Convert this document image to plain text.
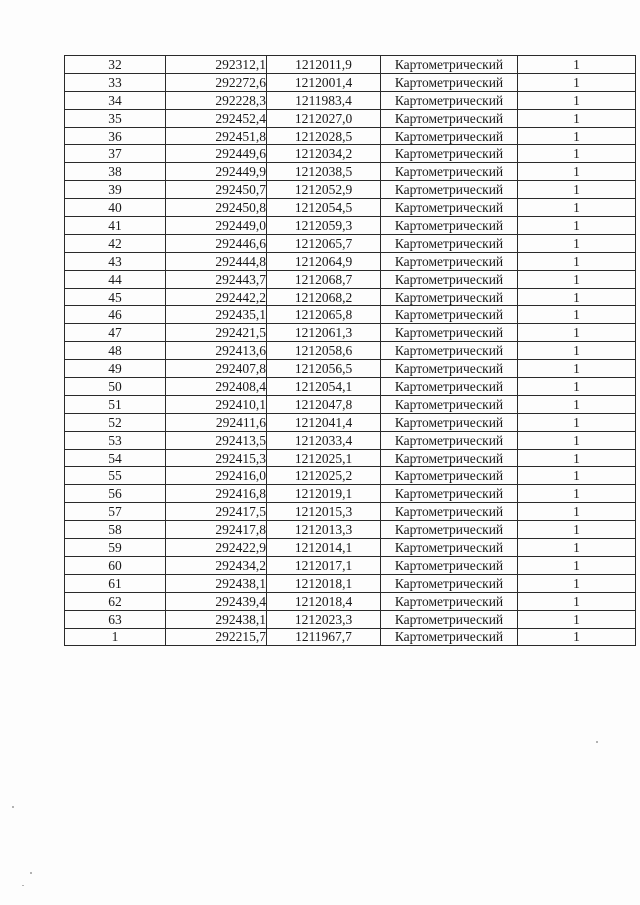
32	292312,1	1212011,9	Картометрический	1
33	292272,6	1212001,4	Картометрический	1
34	292228,3	1211983,4	Картометрический	1
35	292452,4	1212027,0	Картометрический	1
36	292451,8	1212028,5	Картометрический	1
37	292449,6	1212034,2	Картометрический	1
38	292449,9	1212038,5	Картометрический	1
39	292450,7	1212052,9	Картометрический	1
40	292450,8	1212054,5	Картометрический	1
41	292449,0	1212059,3	Картометрический	1
42	292446,6	1212065,7	Картометрический	1
43	292444,8	1212064,9	Картометрический	1
44	292443,7	1212068,7	Картометрический	1
45	292442,2	1212068,2	Картометрический	1
46	292435,1	1212065,8	Картометрический	1
47	292421,5	1212061,3	Картометрический	1
48	292413,6	1212058,6	Картометрический	1
49	292407,8	1212056,5	Картометрический	1
50	292408,4	1212054,1	Картометрический	1
51	292410,1	1212047,8	Картометрический	1
52	292411,6	1212041,4	Картометрический	1
53	292413,5	1212033,4	Картометрический	1
54	292415,3	1212025,1	Картометрический	1
55	292416,0	1212025,2	Картометрический	1
56	292416,8	1212019,1	Картометрический	1
57	292417,5	1212015,3	Картометрический	1
58	292417,8	1212013,3	Картометрический	1
59	292422,9	1212014,1	Картометрический	1
60	292434,2	1212017,1	Картометрический	1
61	292438,1	1212018,1	Картометрический	1
62	292439,4	1212018,4	Картометрический	1
63	292438,1	1212023,3	Картометрический	1
1	292215,7	1211967,7	Картометрический	1
